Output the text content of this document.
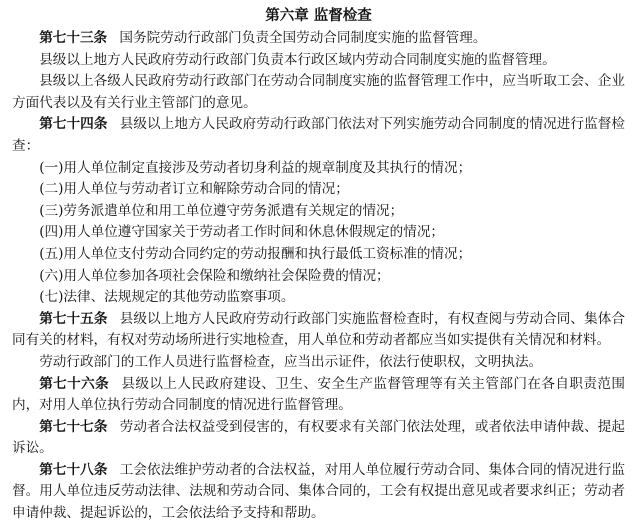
第六章 监督检查

第七十三条 国务院劳动行政部门负责全国劳动合同制度实施的监督管理。

县级以上地方人民政府劳动行政部门负责本行政区域内劳动合同制度实施的监督管理。

县级以上各级人民政府劳动行政部门在劳动合同制度实施的监督管理工作中，应当听取工会、企业方面代表以及有关行业主管部门的意见。

第七十四条 县级以上地方人民政府劳动行政部门依法对下列实施劳动合同制度的情况进行监督检查：

(一)用人单位制定直接涉及劳动者切身利益的规章制度及其执行的情况；

(二)用人单位与劳动者订立和解除劳动合同的情况；

(三)劳务派遣单位和用工单位遵守劳务派遣有关规定的情况；

(四)用人单位遵守国家关于劳动者工作时间和休息休假规定的情况；

(五)用人单位支付劳动合同约定的劳动报酬和执行最低工资标准的情况；

(六)用人单位参加各项社会保险和缴纳社会保险费的情况；

(七)法律、法规规定的其他劳动监察事项。

第七十五条 县级以上地方人民政府劳动行政部门实施监督检查时，有权查阅与劳动合同、集体合同有关的材料，有权对劳动场所进行实地检查，用人单位和劳动者都应当如实提供有关情况和材料。

劳动行政部门的工作人员进行监督检查，应当出示证件，依法行使职权，文明执法。

第七十六条 县级以上人民政府建设、卫生、安全生产监督管理等有关主管部门在各自职责范围内，对用人单位执行劳动合同制度的情况进行监督管理。

第七十七条 劳动者合法权益受到侵害的，有权要求有关部门依法处理，或者依法申请仲裁、提起诉讼。

第七十八条 工会依法维护劳动者的合法权益，对用人单位履行劳动合同、集体合同的情况进行监督。用人单位违反劳动法律、法规和劳动合同、集体合同的，工会有权提出意见或者要求纠正；劳动者申请仲裁、提起诉讼的，工会依法给予支持和帮助。
